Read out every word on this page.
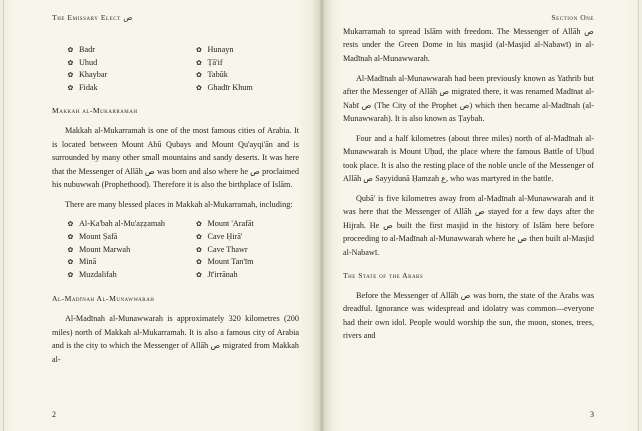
The Emissary Elect ص
✿ Badr
✿ Uhud
✿ Khaybar
✿ Fidak
✿ Hunayn
✿ Ṭā'if
✿ Tabūk
✿ Ghadīr Khum
Makkah al-Mukarramah

Makkah al-Mukarramah is one of the most famous cities of Arabia. It is located between Mount Abū Qubays and Mount Qu'ayqi'ān and is surrounded by many other small mountains and sandy deserts. It was here that the Messenger of Allāh ص was born and also where he ص proclaimed his nubuwwah (Prophethood). Therefore it is also the birthplace of Islām.

There are many blessed places in Makkah al-Mukarramah, including:

✿ Al-Ka'bah al-Mu'aẓẓamah
✿ Mount Ṣafā
✿ Mount Marwah
✿ Minā
✿ Muzdalifah
✿ Mount 'Arafāt
✿ Cave Ḥirā'
✿ Cave Thawr
✿ Mount Tan'īm
✿ Jī'irrānah
Al-Madīnah Al-Munawwarah

Al-Madīnah al-Munawwarah is approximately 320 kilometres (200 miles) north of Makkah al-Mukarramah. It is also a famous city of Arabia and is the city to which the Messenger of Allāh ص migrated from Makkah al-

2
Section One

Mukarramah to spread Islām with freedom. The Messenger of Allāh ص rests under the Green Dome in his masjid (al-Masjid al-Nabawī) in al-Madīnah al-Munawwarah.

Al-Madīnah al-Munawwarah had been previously known as Yathrib but after the Messenger of Allāh ص migrated there, it was renamed Madīnat al-Nabī ص (The City of the Prophet ص) which then became al-Madīnah (al-Munawwarah). It is also known as Ṭaybah.

Four and a half kilometres (about three miles) north of al-Madīnah al-Munawwarah is Mount Uḥud, the place where the famous Battle of Uḥud took place. It is also the resting place of the noble uncle of the Messenger of Allāh ص Sayyidunā Ḥamzah ع, who was martyred in the battle.

Qubā' is five kilometres away from al-Madīnah al-Munawwarah and it was here that the Messenger of Allāh ص stayed for a few days after the Hijrah. He ص built the first masjid in the history of Islām here before proceeding to al-Madīnah al-Munawwarah where he ص then built al-Masjid al-Nabawī.

The State of the Arabs

Before the Messenger of Allāh ص was born, the state of the Arabs was dreadful. Ignorance was widespread and idolatry was common—everyone had their own idol. People would worship the sun, the moon, stones, trees, rivers and

3
